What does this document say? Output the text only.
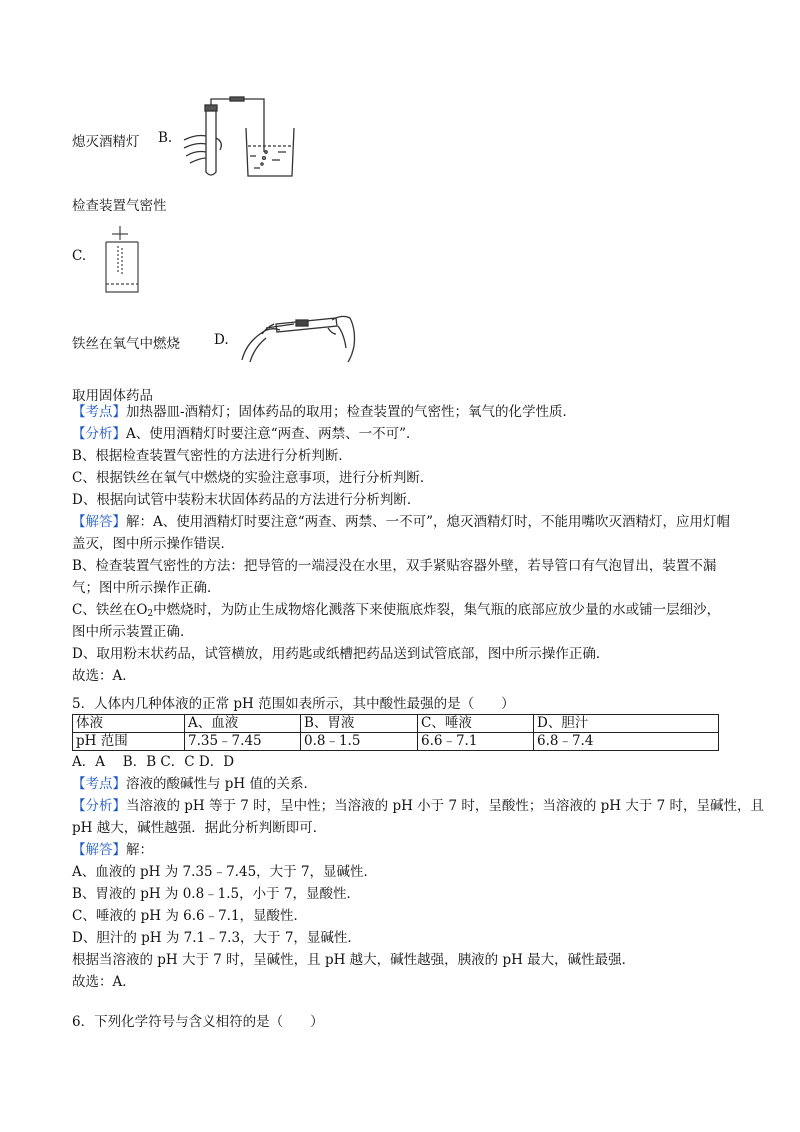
熄灭酒精灯 B.
检查装置气密性
C.
铁丝在氧气中燃烧	D.
取用固体药品
【考点】加热器皿-酒精灯；固体药品的取用；检查装置的气密性；氧气的化学性质．
【分析】A、使用酒精灯时要注意“两查、两禁、一不可”．
B、根据检查装置气密性的方法进行分析判断．
C、根据铁丝在氧气中燃烧的实验注意事项，进行分析判断．
D、根据向试管中装粉末状固体药品的方法进行分析判断．
【解答】解：A、使用酒精灯时要注意“两查、两禁、一不可”，熄灭酒精灯时，不能用嘴吹灭酒精灯，应用灯帽
盖灭，图中所示操作错误．
B、检查装置气密性的方法：把导管的一端浸没在水里，双手紧贴容器外壁，若导管口有气泡冒出，装置不漏
气；图中所示操作正确．
C、铁丝在$O_2$中燃烧时，为防止生成物熔化溅落下来使瓶底炸裂，集气瓶的底部应放少量的水或铺一层细沙，
图中所示装置正确．
D、取用粉末状药品，试管横放，用药匙或纸槽把药品送到试管底部，图中所示操作正确．
故选：A．
5．人体内几种体液的正常 pH 范围如表所示，其中酸性最强的是（　　）
体液	A、血液	B、胃液	C、唾液	D、胆汁
pH 范围	7.35﹣7.45	0.8﹣1.5	6.6﹣7.1	6.8﹣7.4
A．A　 B．B C．C D．D
【考点】溶液的酸碱性与 pH 值的关系．
【分析】当溶液的 pH 等于 7 时，呈中性；当溶液的 pH 小于 7 时，呈酸性；当溶液的 pH 大于 7 时，呈碱性，且
pH 越大，碱性越强．据此分析判断即可．
【解答】解：
A、血液的 pH 为 7.35﹣7.45，大于 7，显碱性．
B、胃液的 pH 为 0.8﹣1.5，小于 7，显酸性．
C、唾液的 pH 为 6.6﹣7.1，显酸性．
D、胆汁的 pH 为 7.1﹣7.3，大于 7，显碱性．
根据当溶液的 pH 大于 7 时，呈碱性，且 pH 越大，碱性越强，胰液的 pH 最大，碱性最强．
故选：A．
6．下列化学符号与含义相符的是（　　）
